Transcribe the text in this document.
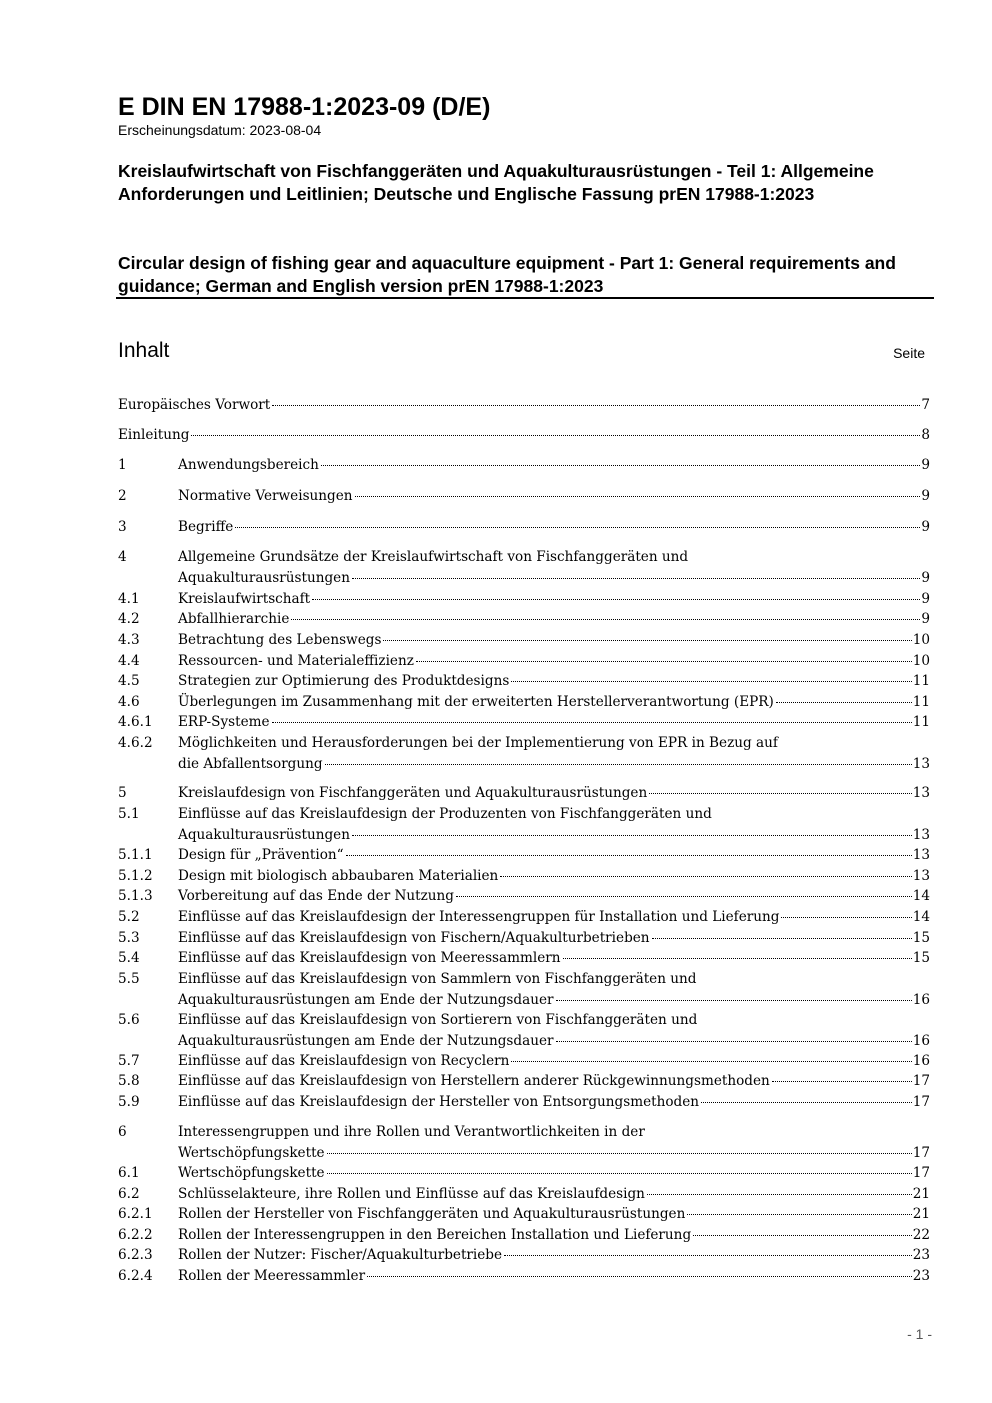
E DIN EN 17988-1:2023-09 (D/E)
Erscheinungsdatum: 2023-08-04
Kreislaufwirtschaft von Fischfanggeräten und Aquakulturausrüstungen - Teil 1: Allgemeine Anforderungen und Leitlinien; Deutsche und Englische Fassung prEN 17988-1:2023
Circular design of fishing gear and aquaculture equipment - Part 1: General requirements and guidance; German and English version prEN 17988-1:2023
Inhalt	Seite
Europäisches Vorwort	7
Einleitung	8
1	Anwendungsbereich	9
2	Normative Verweisungen	9
3	Begriffe	9
4	Allgemeine Grundsätze der Kreislaufwirtschaft von Fischfanggeräten und
Aquakulturausrüstungen	9
4.1	Kreislaufwirtschaft	9
4.2	Abfallhierarchie	9
4.3	Betrachtung des Lebenswegs	10
4.4	Ressourcen- und Materialeffizienz	10
4.5	Strategien zur Optimierung des Produktdesigns	11
4.6	Überlegungen im Zusammenhang mit der erweiterten Herstellerverantwortung (EPR)	11
4.6.1 ERP-Systeme	11
4.6.2 Möglichkeiten und Herausforderungen bei der Implementierung von EPR in Bezug auf
die Abfallentsorgung	13
5	Kreislaufdesign von Fischfanggeräten und Aquakulturausrüstungen	13
5.1	Einflüsse auf das Kreislaufdesign der Produzenten von Fischfanggeräten und
Aquakulturausrüstungen	13
5.1.1 Design für „Prävention“	13
5.1.2 Design mit biologisch abbaubaren Materialien	13
5.1.3 Vorbereitung auf das Ende der Nutzung	14
5.2	Einflüsse auf das Kreislaufdesign der Interessengruppen für Installation und Lieferung	14
5.3	Einflüsse auf das Kreislaufdesign von Fischern/Aquakulturbetrieben	15
5.4	Einflüsse auf das Kreislaufdesign von Meeressammlern	15
5.5	Einflüsse auf das Kreislaufdesign von Sammlern von Fischfanggeräten und
Aquakulturausrüstungen am Ende der Nutzungsdauer	16
5.6	Einflüsse auf das Kreislaufdesign von Sortierern von Fischfanggeräten und
Aquakulturausrüstungen am Ende der Nutzungsdauer	16
5.7	Einflüsse auf das Kreislaufdesign von Recyclern	16
5.8	Einflüsse auf das Kreislaufdesign von Herstellern anderer Rückgewinnungsmethoden	17
5.9	Einflüsse auf das Kreislaufdesign der Hersteller von Entsorgungsmethoden	17
6	Interessengruppen und ihre Rollen und Verantwortlichkeiten in der
Wertschöpfungskette	17
6.1	Wertschöpfungskette	17
6.2	Schlüsselakteure, ihre Rollen und Einflüsse auf das Kreislaufdesign	21
6.2.1 Rollen der Hersteller von Fischfanggeräten und Aquakulturausrüstungen	21
6.2.2 Rollen der Interessengruppen in den Bereichen Installation und Lieferung	22
6.2.3 Rollen der Nutzer: Fischer/Aquakulturbetriebe	23
6.2.4 Rollen der Meeressammler	23
- 1 -
